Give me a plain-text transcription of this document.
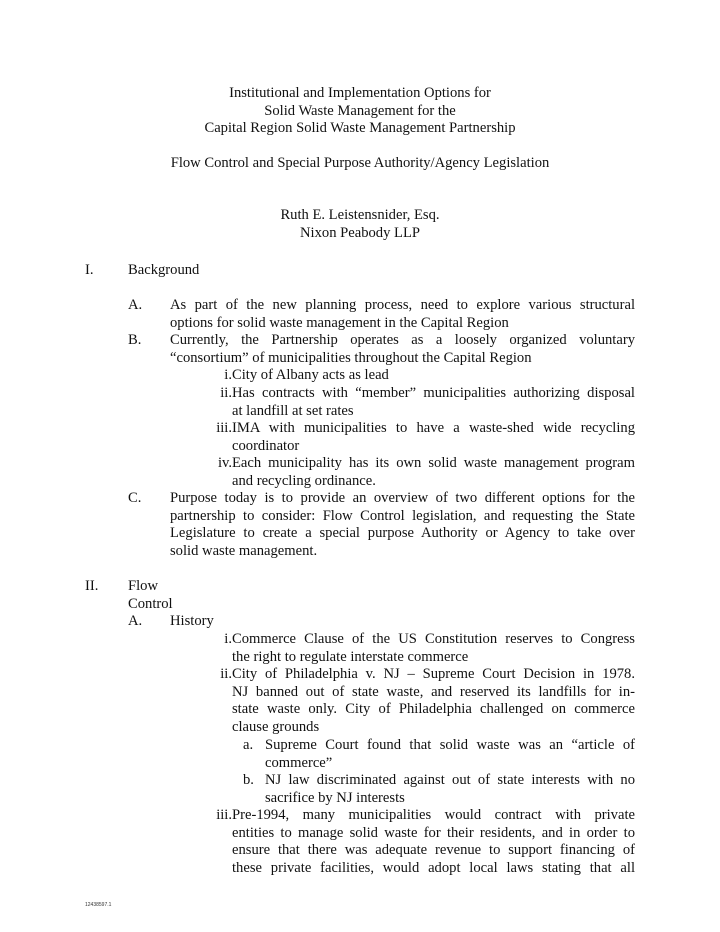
Institutional and Implementation Options for
Solid Waste Management for the
Capital Region Solid Waste Management Partnership
Flow Control and Special Purpose Authority/Agency Legislation
Ruth E. Leistensnider, Esq.
Nixon Peabody LLP
I. Background
A. As part of the new planning process, need to explore various structural
options for solid waste management in the Capital Region
B. Currently, the Partnership operates as a loosely organized voluntary
“consortium” of municipalities throughout the Capital Region
i. City of Albany acts as lead
ii. Has contracts with “member” municipalities authorizing disposal
at landfill at set rates
iii. IMA with municipalities to have a waste-shed wide recycling
coordinator
iv. Each municipality has its own solid waste management program
and recycling ordinance.
C. Purpose today is to provide an overview of two different options for the
partnership to consider: Flow Control legislation, and requesting the State
Legislature to create a special purpose Authority or Agency to take over
solid waste management.
II. Flow Control
A. History
i. Commerce Clause of the US Constitution reserves to Congress
the right to regulate interstate commerce
ii. City of Philadelphia v. NJ – Supreme Court Decision in 1978.
NJ banned out of state waste, and reserved its landfills for in-
state waste only. City of Philadelphia challenged on commerce
clause grounds
a. Supreme Court found that solid waste was an “article of
commerce”
b. NJ law discriminated against out of state interests with no
sacrifice by NJ interests
iii. Pre-1994, many municipalities would contract with private
entities to manage solid waste for their residents, and in order to
ensure that there was adequate revenue to support financing of
these private facilities, would adopt local laws stating that all
12438597.1
